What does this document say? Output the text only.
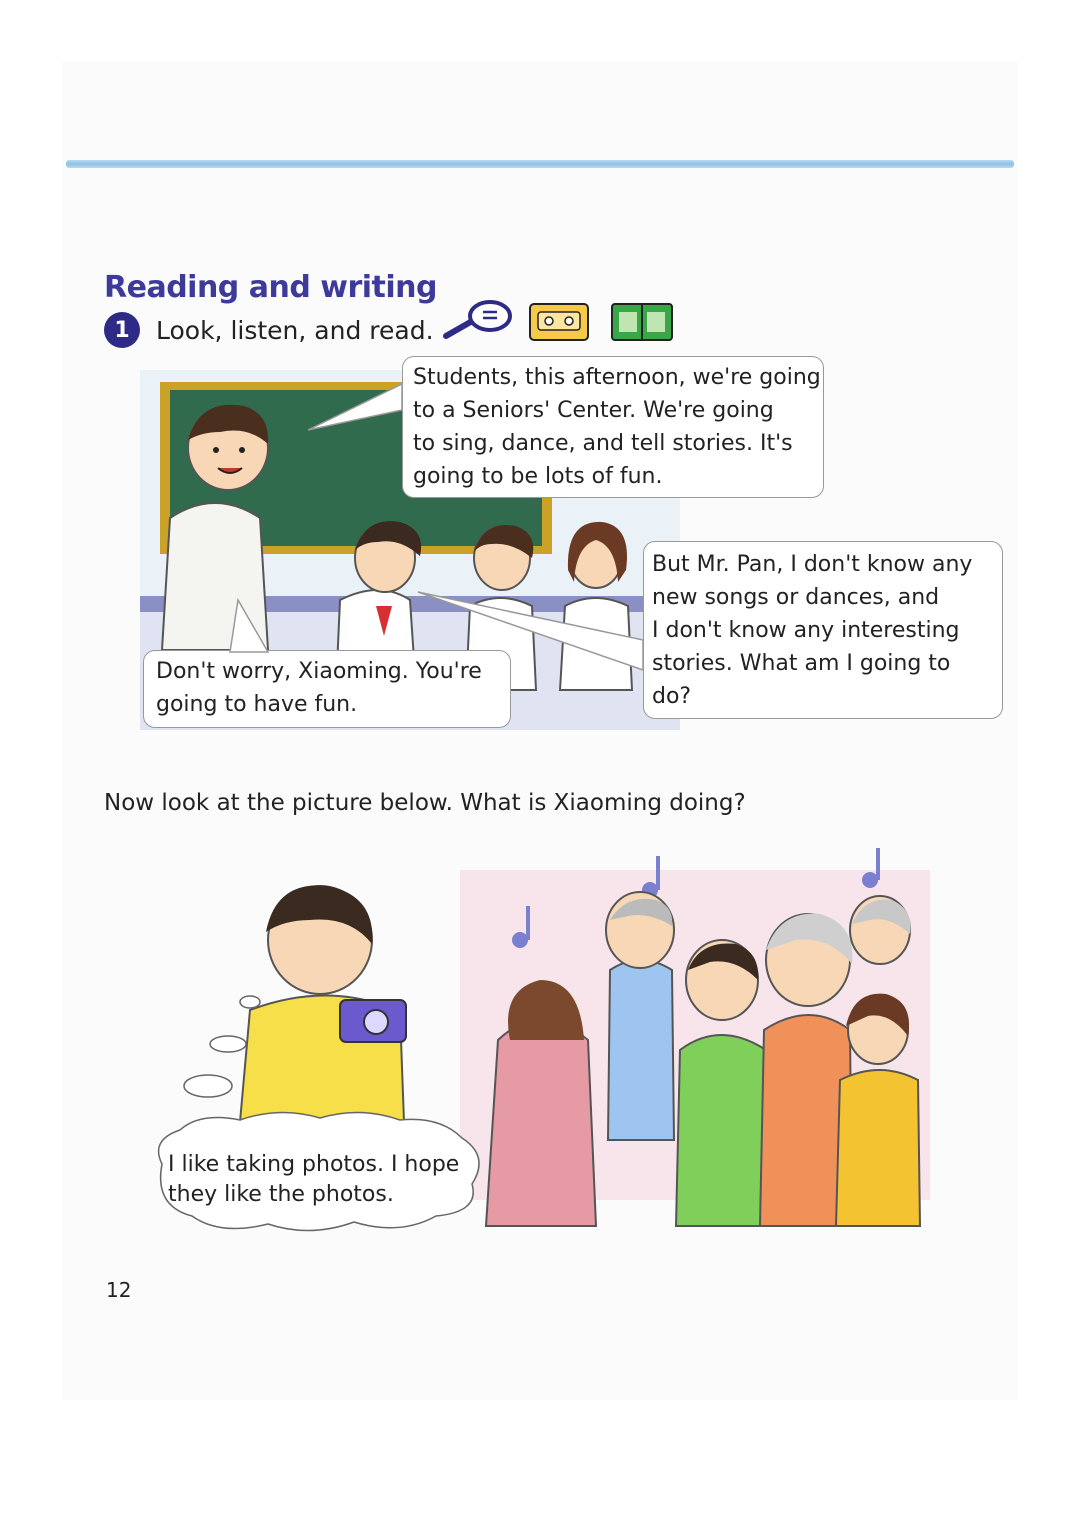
Reading and writing
1	Look, listen, and read.
Students, this afternoon, we're going
to a Seniors' Center. We're going
to sing, dance, and tell stories. It's
going to be lots of fun.
But Mr. Pan, I don't know any
new songs or dances, and
I don't know any interesting
stories. What am I going to
do?
Don't worry, Xiaoming. You're
going to have fun.
Now look at the picture below. What is Xiaoming doing?
I like taking photos. I hope
they like the photos.
12
